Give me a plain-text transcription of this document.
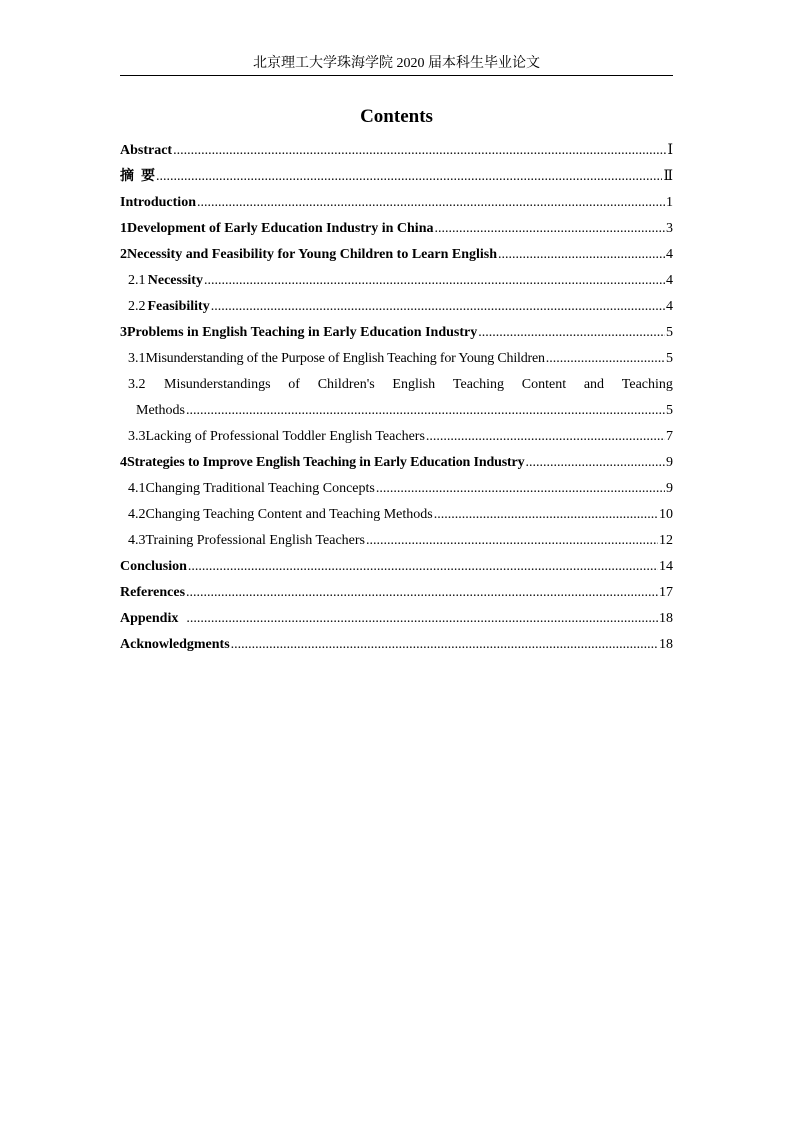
北京理工大学珠海学院 2020 届本科生毕业论文
Contents
Abstract .....	Ⅰ
摘  要 .....	Ⅱ
Introduction .....	1
1 Development of Early Education Industry in China .....	3
2 Necessity and Feasibility for Young Children to Learn English .....	4
2.1 Necessity .....	4
2.2 Feasibility .....	4
3 Problems in English Teaching in Early Education Industry .....	5
3.1 Misunderstanding of the Purpose of English Teaching for Young Children .....	5
3.2	Misunderstandings of Children's English Teaching Content and Teaching
Methods .....	5
3.3 Lacking of Professional Toddler English Teachers .....	7
4 Strategies to Improve English Teaching in Early Education Industry .....	9
4.1 Changing Traditional Teaching Concepts .....	9
4.2 Changing Teaching Content and Teaching Methods .....	10
4.3 Training Professional English Teachers .....	12
Conclusion .....	14
References .....	17
Appendix .....	18
Acknowledgments .....	18
